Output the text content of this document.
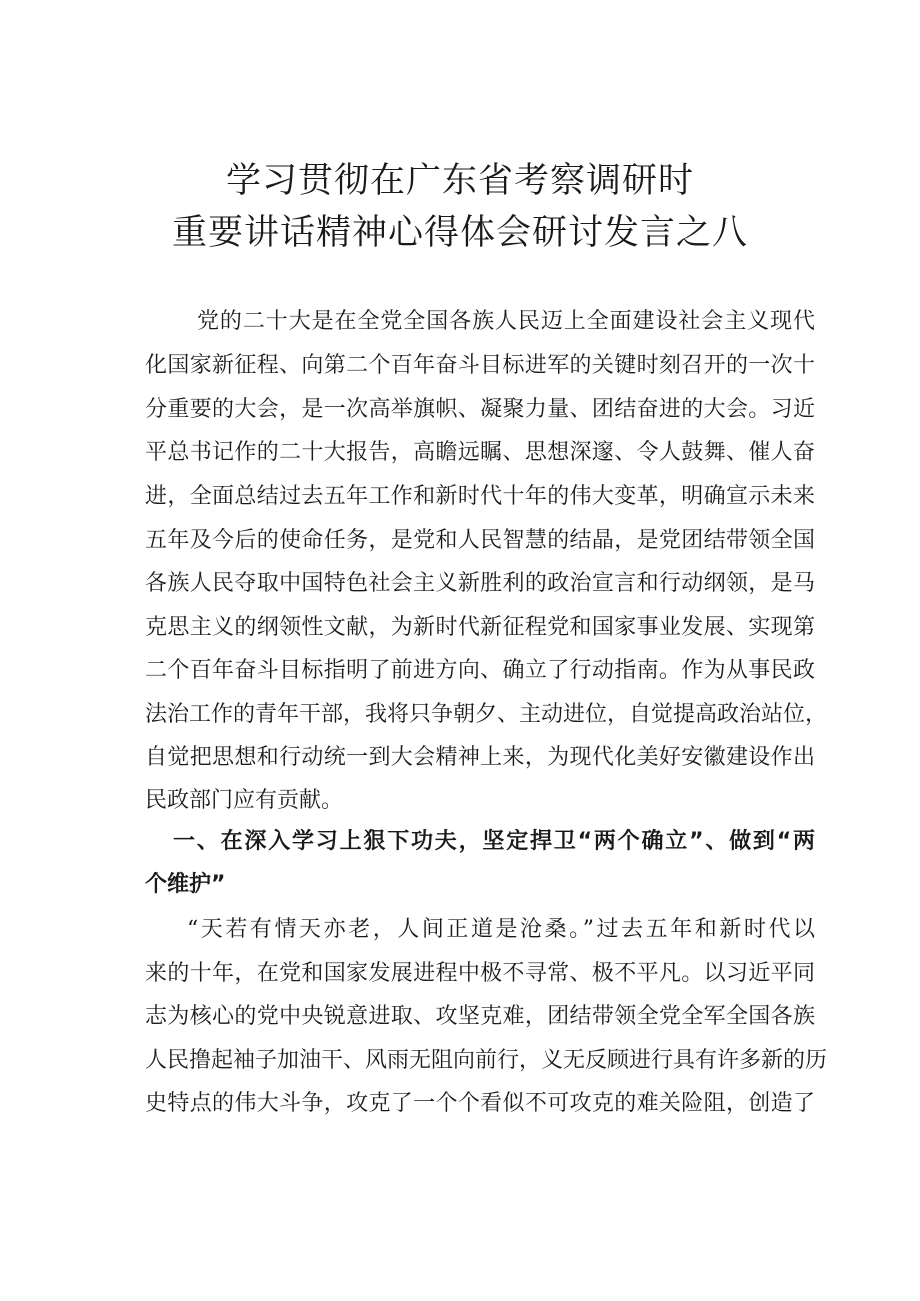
学习贯彻在广东省考察调研时
重要讲话精神心得体会研讨发言之八
党的二十大是在全党全国各族人民迈上全面建设社会主义现代
化国家新征程、向第二个百年奋斗目标进军的关键时刻召开的一次十
分重要的大会，是一次高举旗帜、凝聚力量、团结奋进的大会。习近
平总书记作的二十大报告，高瞻远瞩、思想深邃、令人鼓舞、催人奋
进，全面总结过去五年工作和新时代十年的伟大变革，明确宣示未来
五年及今后的使命任务，是党和人民智慧的结晶，是党团结带领全国
各族人民夺取中国特色社会主义新胜利的政治宣言和行动纲领，是马
克思主义的纲领性文献，为新时代新征程党和国家事业发展、实现第
二个百年奋斗目标指明了前进方向、确立了行动指南。作为从事民政
法治工作的青年干部，我将只争朝夕、主动进位，自觉提高政治站位，
自觉把思想和行动统一到大会精神上来，为现代化美好安徽建设作出
民政部门应有贡献。
一、在深入学习上狠下功夫，坚定捍卫“两个确立”、做到“两
个维护”
“天若有情天亦老，人间正道是沧桑。”过去五年和新时代以
来的十年，在党和国家发展进程中极不寻常、极不平凡。以习近平同
志为核心的党中央锐意进取、攻坚克难，团结带领全党全军全国各族
人民撸起袖子加油干、风雨无阻向前行，义无反顾进行具有许多新的历
史特点的伟大斗争，攻克了一个个看似不可攻克的难关险阻，创造了
